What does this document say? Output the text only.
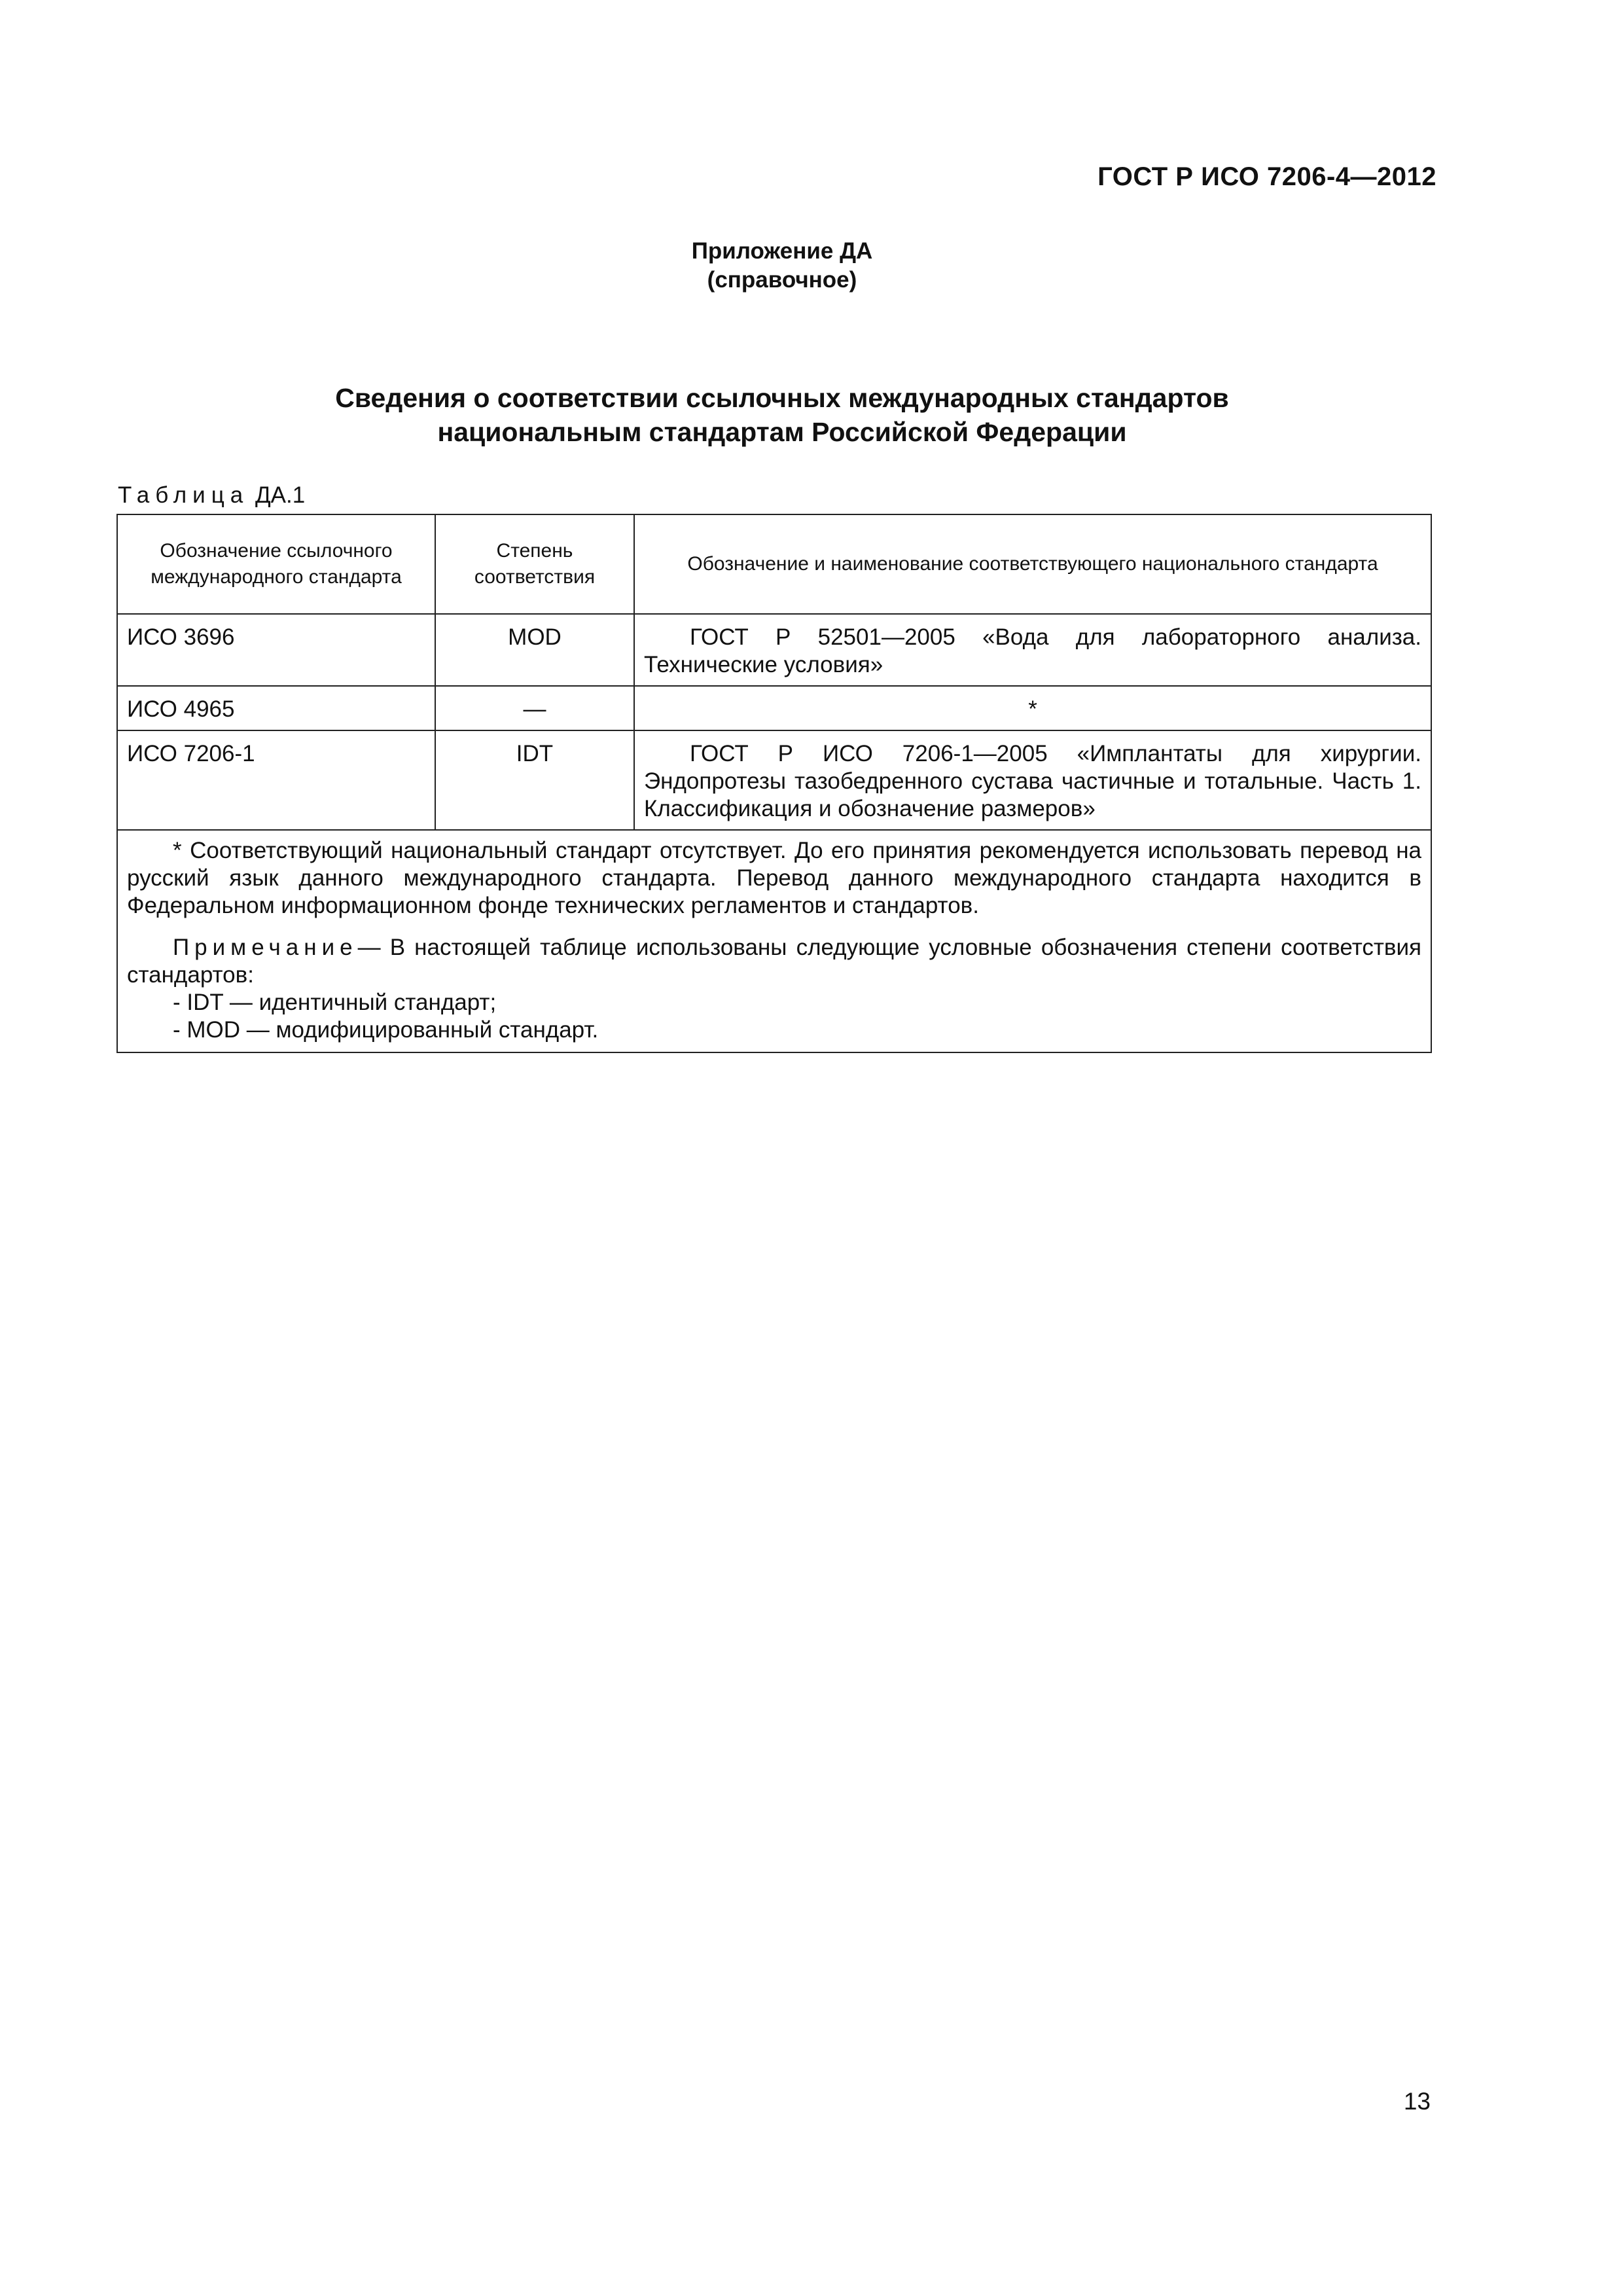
ГОСТ Р ИСО 7206-4—2012
Приложение ДА
(справочное)
Сведения о соответствии ссылочных международных стандартов
национальным стандартам Российской Федерации
Таблица ДА.1
Обозначение ссылочного международного стандарта	Степень соответствия	Обозначение и наименование соответствующего национального стандарта
ИСО 3696	MOD	ГОСТ Р 52501—2005 «Вода для лабораторного анализа. Технические условия»
ИСО 4965	—	*
ИСО 7206-1	IDT	ГОСТ Р ИСО 7206-1—2005 «Имплантаты для хирургии. Эндопротезы тазобедренного сустава частичные и тотальные. Часть 1. Классификация и обозначение размеров»

* Соответствующий национальный стандарт отсутствует. До его принятия рекомендуется использовать перевод на русский язык данного международного стандарта. Перевод данного международного стандарта находится в Федеральном информационном фонде технических регламентов и стандартов.

Примечание— В настоящей таблице использованы следующие условные обозначения степени соответствия стандартов:

- IDT — идентичный стандарт;

- MOD — модифицированный стандарт.		

13
